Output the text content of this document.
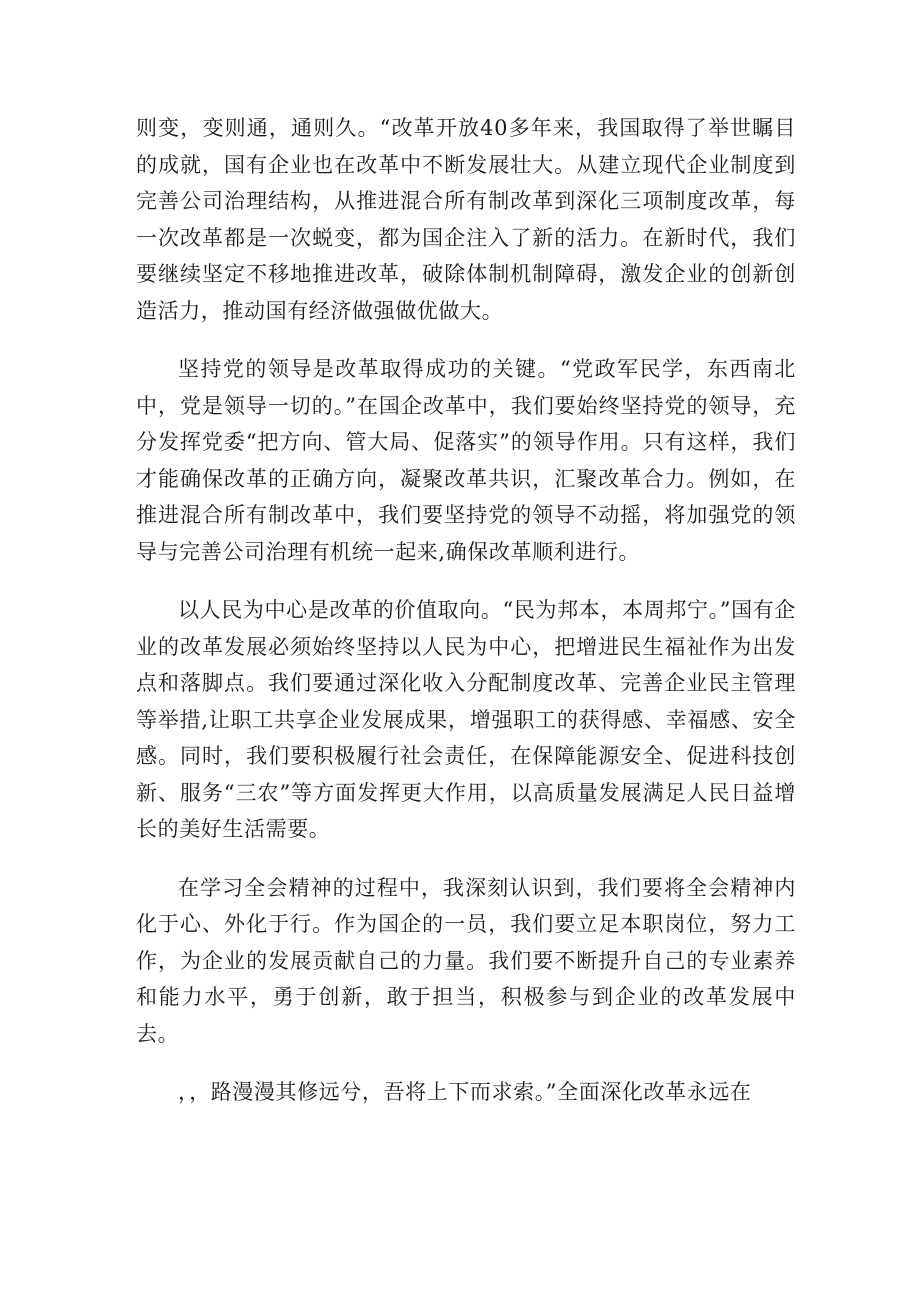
则变，变则通，通则久。“改革开放40多年来，我国取得了举世瞩目的成就，国有企业也在改革中不断发展壮大。从建立现代企业制度到完善公司治理结构，从推进混合所有制改革到深化三项制度改革，每一次改革都是一次蜕变，都为国企注入了新的活力。在新时代，我们要继续坚定不移地推进改革，破除体制机制障碍，激发企业的创新创造活力，推动国有经济做强做优做大。

坚持党的领导是改革取得成功的关键。“党政军民学，东西南北中，党是领导一切的。”在国企改革中，我们要始终坚持党的领导，充分发挥党委“把方向、管大局、促落实”的领导作用。只有这样，我们才能确保改革的正确方向，凝聚改革共识，汇聚改革合力。例如，在推进混合所有制改革中，我们要坚持党的领导不动摇，将加强党的领导与完善公司治理有机统一起来,确保改革顺利进行。

以人民为中心是改革的价值取向。“民为邦本，本周邦宁。”国有企业的改革发展必须始终坚持以人民为中心，把增进民生福祉作为出发点和落脚点。我们要通过深化收入分配制度改革、完善企业民主管理等举措,让职工共享企业发展成果，增强职工的获得感、幸福感、安全感。同时，我们要积极履行社会责任，在保障能源安全、促进科技创新、服务“三农”等方面发挥更大作用，以高质量发展满足人民日益增长的美好生活需要。

在学习全会精神的过程中，我深刻认识到，我们要将全会精神内化于心、外化于行。作为国企的一员，我们要立足本职岗位，努力工作，为企业的发展贡献自己的力量。我们要不断提升自己的专业素养和能力水平，勇于创新，敢于担当，积极参与到企业的改革发展中去。

，，路漫漫其修远兮，吾将上下而求索。”全面深化改革永远在
